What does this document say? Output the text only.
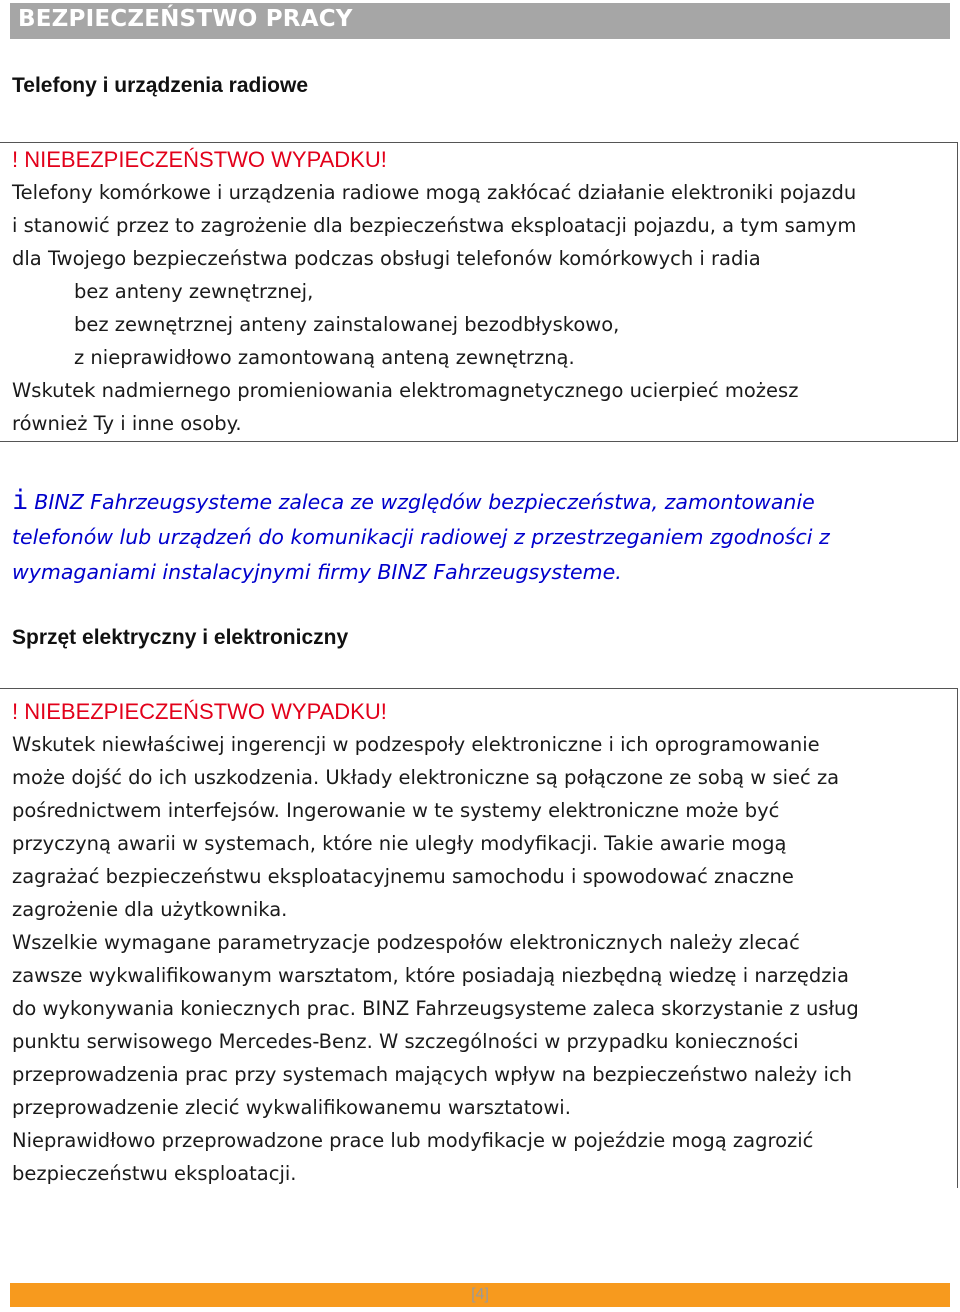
BEZPIECZEŃSTWO PRACY
Telefony i urządzenia radiowe

! NIEBEZPIECZEŃSTWO WYPADKU!

Telefony komórkowe i urządzenia radiowe mogą zakłócać działanie elektroniki pojazdu

i stanowić przez to zagrożenie dla bezpieczeństwa eksploatacji pojazdu, a tym samym

dla Twojego bezpieczeństwa podczas obsługi telefonów komórkowych i radia

bez anteny zewnętrznej,

bez zewnętrznej anteny zainstalowanej bezodbłyskowo,

z nieprawidłowo zamontowaną anteną zewnętrzną.

Wskutek nadmiernego promieniowania elektromagnetycznego ucierpieć możesz

również Ty i inne osoby.

i BINZ Fahrzeugsysteme zaleca ze względów bezpieczeństwa, zamontowanie
telefonów lub urządzeń do komunikacji radiowej z przestrzeganiem zgodności z
wymaganiami instalacyjnymi firmy BINZ Fahrzeugsysteme.
Sprzęt elektryczny i elektroniczny

! NIEBEZPIECZEŃSTWO WYPADKU!

Wskutek niewłaściwej ingerencji w podzespoły elektroniczne i ich oprogramowanie

może dojść do ich uszkodzenia. Układy elektroniczne są połączone ze sobą w sieć za

pośrednictwem interfejsów. Ingerowanie w te systemy elektroniczne może być

przyczyną awarii w systemach, które nie uległy modyfikacji. Takie awarie mogą

zagrażać bezpieczeństwu eksploatacyjnemu samochodu i spowodować znaczne

zagrożenie dla użytkownika.

Wszelkie wymagane parametryzacje podzespołów elektronicznych należy zlecać

zawsze wykwalifikowanym warsztatom, które posiadają niezbędną wiedzę i narzędzia

do wykonywania koniecznych prac. BINZ Fahrzeugsysteme zaleca skorzystanie z usług

punktu serwisowego Mercedes-Benz. W szczególności w przypadku konieczności

przeprowadzenia prac przy systemach mających wpływ na bezpieczeństwo należy ich

przeprowadzenie zlecić wykwalifikowanemu warsztatowi.

Nieprawidłowo przeprowadzone prace lub modyfikacje w pojeździe mogą zagrozić

bezpieczeństwu eksploatacji.

[4]
